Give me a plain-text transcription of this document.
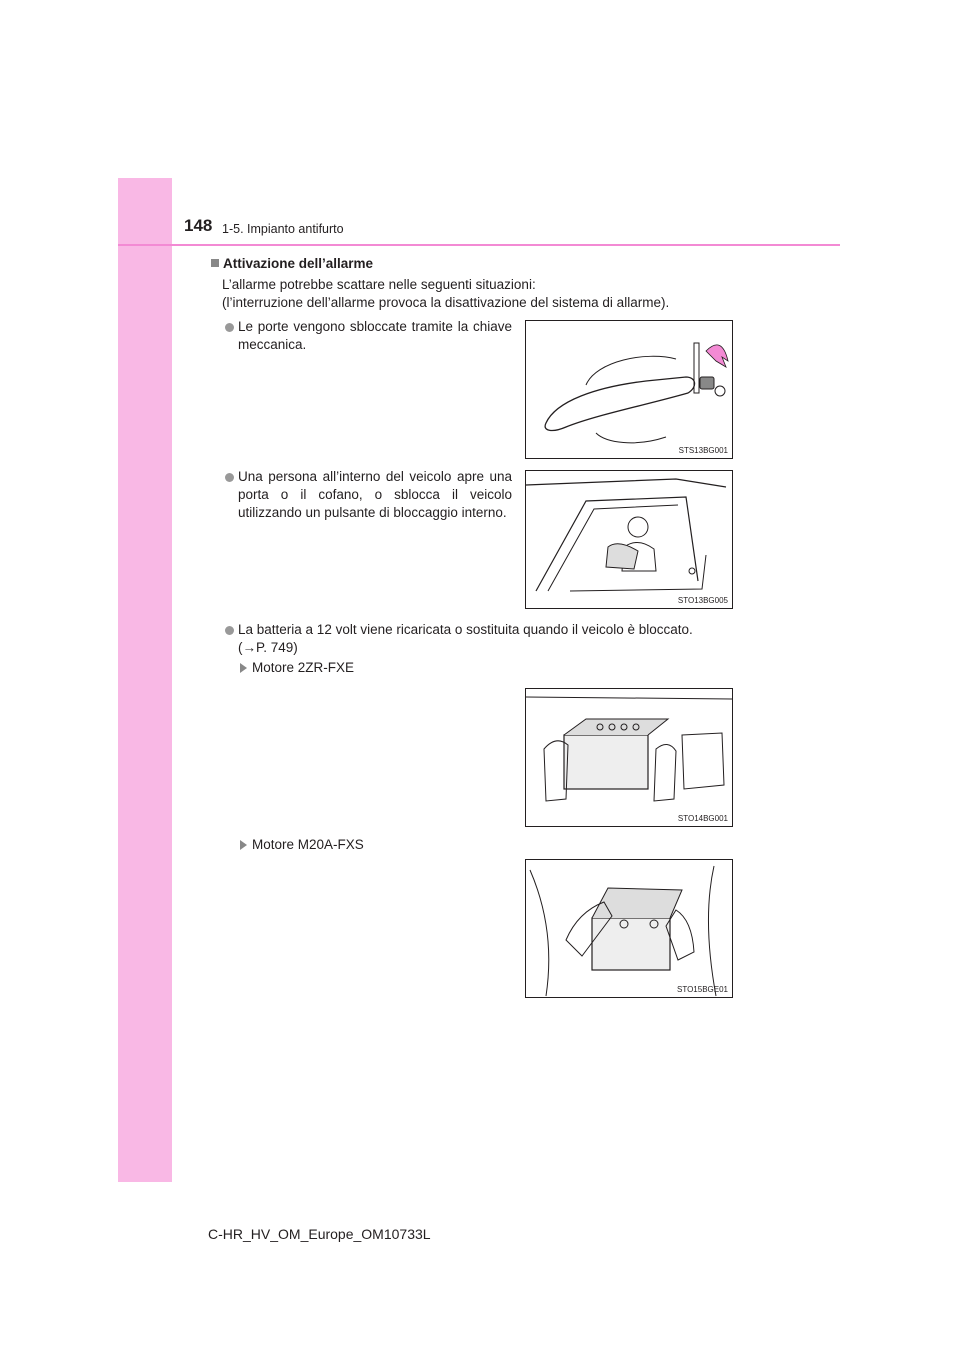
148 1-5. Impianto antifurto
Attivazione dell’allarme
L’allarme potrebbe scattare nelle seguenti situazioni:
(l’interruzione dell’allarme provoca la disattivazione del sistema di allarme).
Le porte vengono sbloccate tramite la chiave
meccanica.
STS13BG001
Una persona all’interno del veicolo apre una
porta o il cofano, o sblocca il veicolo
utilizzando un pulsante di bloccaggio interno.
STO13BG005
La batteria a 12 volt viene ricaricata o sostituita quando il veicolo è bloccato.
(→P. 749)
Motore 2ZR-FXE
STO14BG001
Motore M20A-FXS
STO15BGE01
C-HR_HV_OM_Europe_OM10733L
